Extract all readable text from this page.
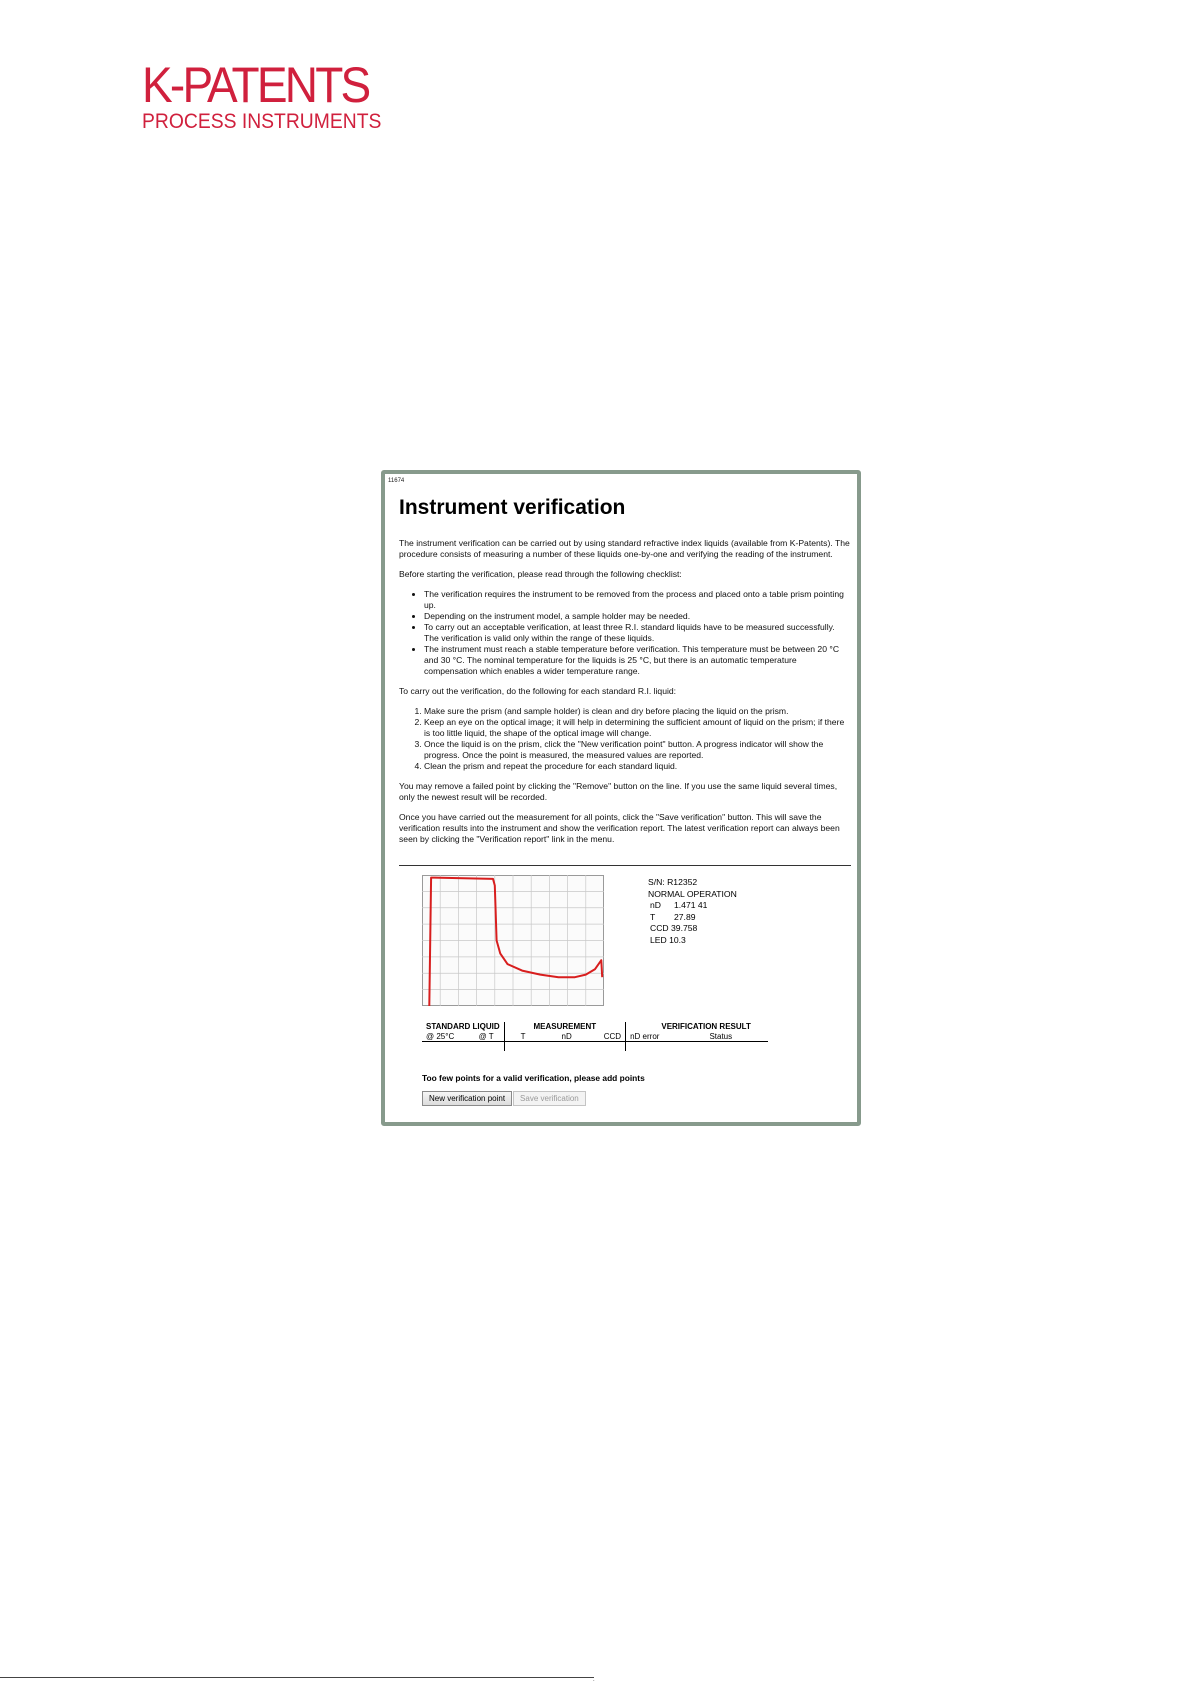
K-PATENTS
PROCESS INSTRUMENTS
11674
Instrument verification

The instrument verification can be carried out by using standard refractive index liquids (available from K-Patents). The procedure consists of measuring a number of these liquids one-by-one and verifying the reading of the instrument.

Before starting the verification, please read through the following checklist:

• The verification requires the instrument to be removed from the process and placed onto a table prism pointing up.
• Depending on the instrument model, a sample holder may be needed.
• To carry out an acceptable verification, at least three R.I. standard liquids have to be measured successfully. The verification is valid only within the range of these liquids.
• The instrument must reach a stable temperature before verification. This temperature must be between 20 °C and 30 °C. The nominal temperature for the liquids is 25 °C, but there is an automatic temperature compensation which enables a wider temperature range.

To carry out the verification, do the following for each standard R.I. liquid:

1. Make sure the prism (and sample holder) is clean and dry before placing the liquid on the prism.
2. Keep an eye on the optical image; it will help in determining the sufficient amount of liquid on the prism; if there is too little liquid, the shape of the optical image will change.
3. Once the liquid is on the prism, click the "New verification point" button. A progress indicator will show the progress. Once the point is measured, the measured values are reported.
4. Clean the prism and repeat the procedure for each standard liquid.

You may remove a failed point by clicking the "Remove" button on the line. If you use the same liquid several times, only the newest result will be recorded.

Once you have carried out the measurement for all points, click the "Save verification" button. This will save the verification results into the instrument and show the verification report. The latest verification report can always been seen by clicking the "Verification report" link in the menu.

S/N: R12352
NORMAL OPERATION
nD	1.471 41
T	27.89
CCD 39.758
LED 10.3
STANDARD LIQUID		MEASUREMENT			VERIFICATION RESULT	
@ 25°C	@ T	T	nD	CCD	nD error	Status

Too few points for a valid verification, please add points
New verification point	Save verification
.
